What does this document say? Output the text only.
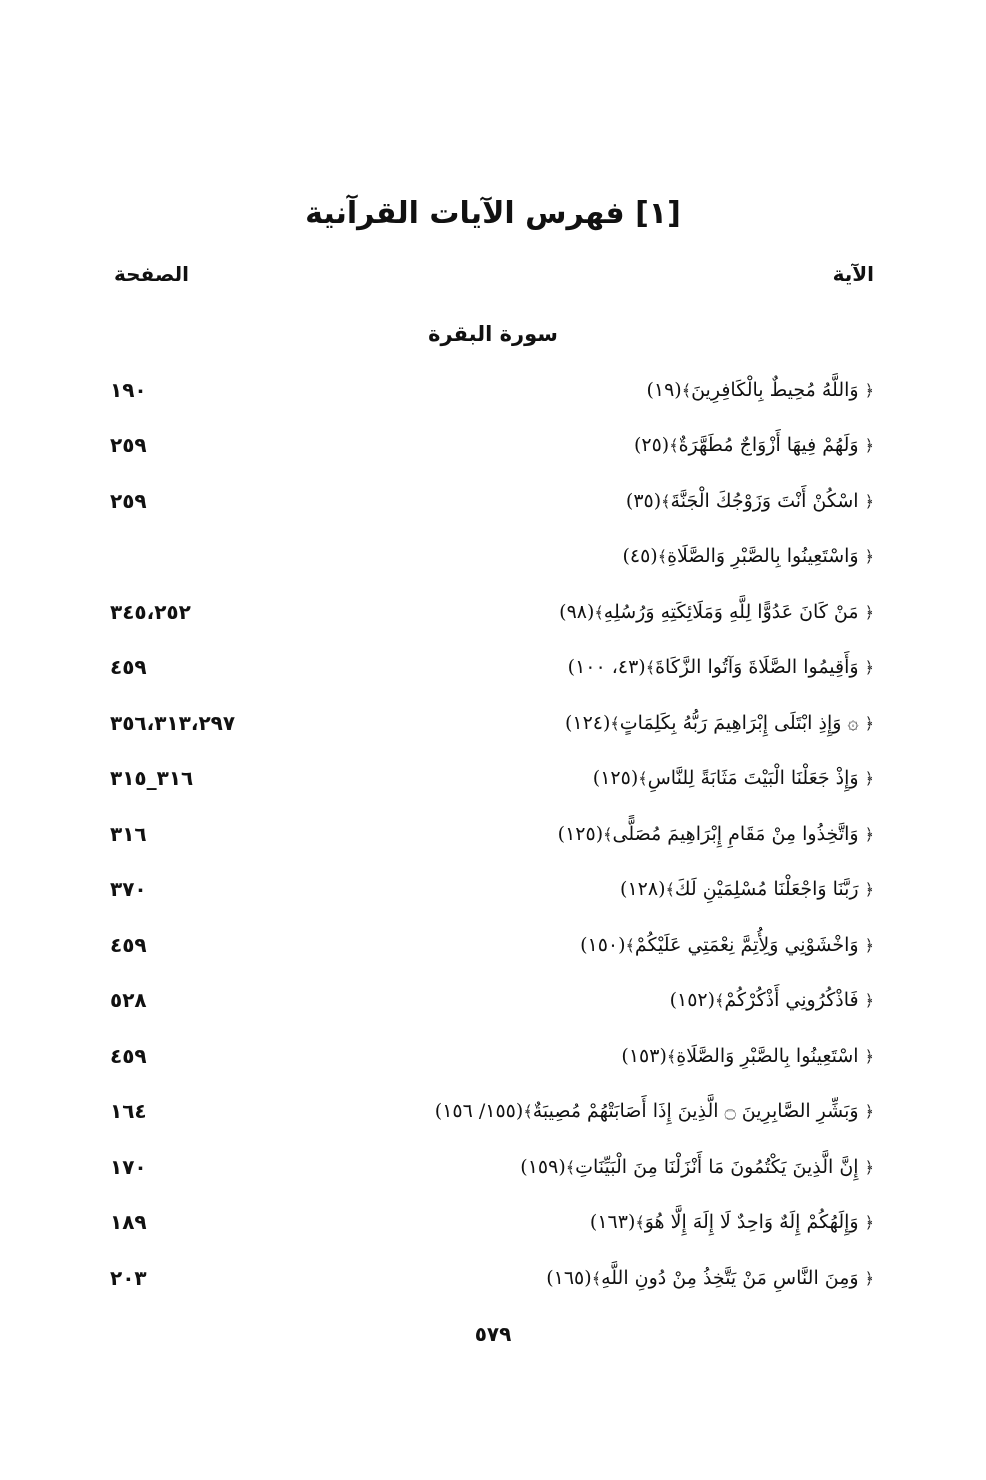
[١] فهرس الآيات القرآنية
الآية
الصفحة
سورة البقرة
﴿ وَاللَّهُ مُحِيطٌ بِالْكَافِرِينَ﴾(١٩)
١٩٠
﴿ وَلَهُمْ فِيهَا أَزْوَاجٌ مُطَهَّرَةٌ﴾(٢٥)
٢٥٩
﴿ اسْكُنْ أَنْتَ وَزَوْجُكَ الْجَنَّةَ﴾(٣٥)
٢٥٩
﴿ وَاسْتَعِينُوا بِالصَّبْرِ وَالصَّلَاةِ﴾(٤٥)
﴿ مَنْ كَانَ عَدُوًّا لِلَّهِ وَمَلَائِكَتِهِ وَرُسُلِهِ﴾(٩٨)
٣٤٥،٢٥٢
﴿ وَأَقِيمُوا الصَّلَاةَ وَآتُوا الزَّكَاةَ﴾(٤٣، ١٠٠)
٤٥٩
﴿ ۞ وَإِذِ ابْتَلَى إِبْرَاهِيمَ رَبُّهُ بِكَلِمَاتٍ﴾(١٢٤)
٣٥٦،٣١٣،٢٩٧
﴿ وَإِذْ جَعَلْنَا الْبَيْتَ مَثَابَةً لِلنَّاسِ﴾(١٢٥)
٣١٦_٣١٥
﴿ وَاتَّخِذُوا مِنْ مَقَامِ إِبْرَاهِيمَ مُصَلًّى﴾(١٢٥)
٣١٦
﴿ رَبَّنَا وَاجْعَلْنَا مُسْلِمَيْنِ لَكَ﴾(١٢٨)
٣٧٠
﴿ وَاخْشَوْنِي وَلِأُتِمَّ نِعْمَتِي عَلَيْكُمْ﴾(١٥٠)
٤٥٩
﴿ فَاذْكُرُونِي أَذْكُرْكُمْ﴾(١٥٢)
٥٢٨
﴿ اسْتَعِينُوا بِالصَّبْرِ وَالصَّلَاةِ﴾(١٥٣)
٤٥٩
﴿ وَبَشِّرِ الصَّابِرِينَ ۝ الَّذِينَ إِذَا أَصَابَتْهُمْ مُصِيبَةٌ﴾(١٥٥/ ١٥٦)
١٦٤
﴿ إِنَّ الَّذِينَ يَكْتُمُونَ مَا أَنْزَلْنَا مِنَ الْبَيِّنَاتِ﴾(١٥٩)
١٧٠
﴿ وَإِلَهُكُمْ إِلَهٌ وَاحِدٌ لَا إِلَهَ إِلَّا هُوَ﴾(١٦٣)
١٨٩
﴿ وَمِنَ النَّاسِ مَنْ يَتَّخِذُ مِنْ دُونِ اللَّهِ﴾(١٦٥)
٢٠٣
٥٧٩
